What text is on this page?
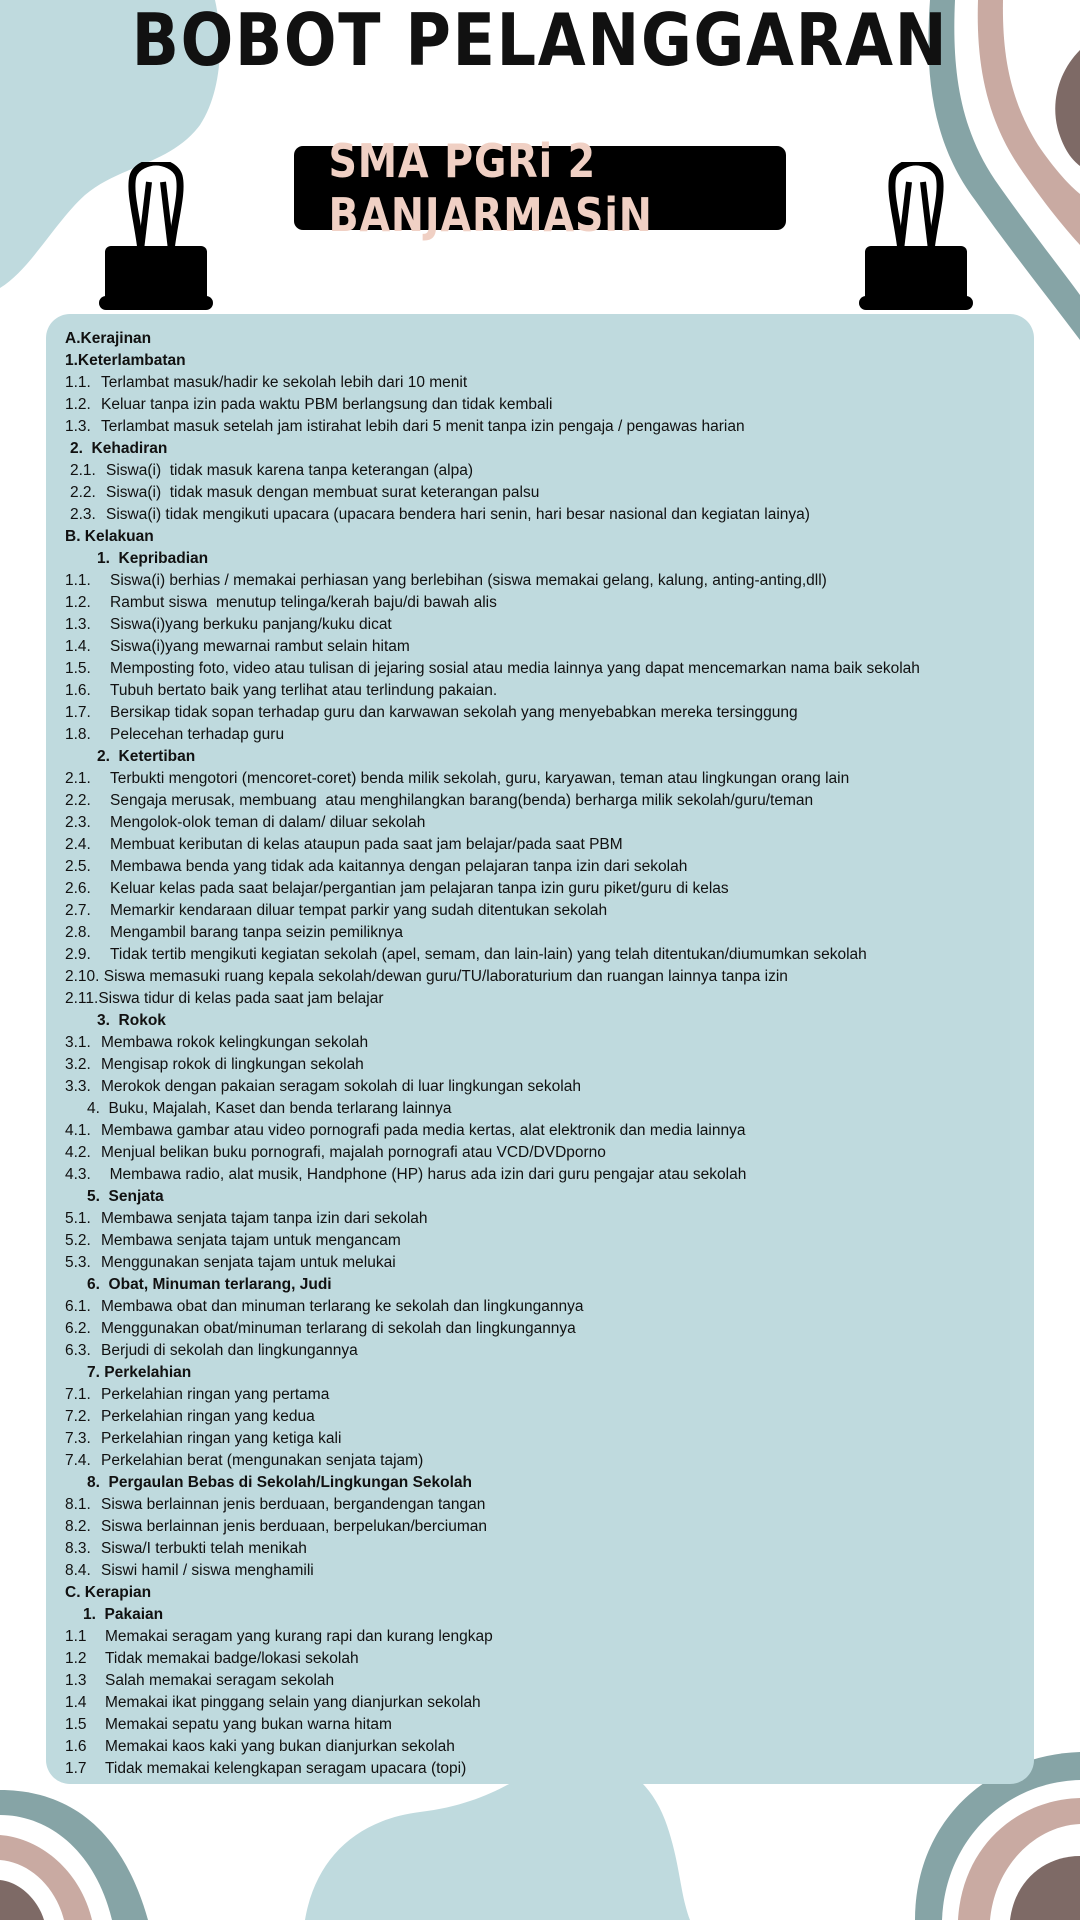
BOBOT PELANGGARAN
SMA PGRi 2 BANJARMASiN
A.Kerajinan
1.Keterlambatan
1.1. Terlambat masuk/hadir ke sekolah lebih dari 10 menit
1.2. Keluar tanpa izin pada waktu PBM berlangsung dan tidak kembali
1.3. Terlambat masuk setelah jam istirahat lebih dari 5 menit tanpa izin pengaja / pengawas harian
2.  Kehadiran
2.1. Siswa(i)  tidak masuk karena tanpa keterangan (alpa)
2.2. Siswa(i)  tidak masuk dengan membuat surat keterangan palsu
2.3. Siswa(i) tidak mengikuti upacara (upacara bendera hari senin, hari besar nasional dan kegiatan lainya)
B. Kelakuan
1.  Kepribadian
1.1. Siswa(i) berhias / memakai perhiasan yang berlebihan (siswa memakai gelang, kalung, anting-anting,dll)
1.2. Rambut siswa  menutup telinga/kerah baju/di bawah alis
1.3. Siswa(i)yang berkuku panjang/kuku dicat
1.4. Siswa(i)yang mewarnai rambut selain hitam
1.5. Memposting foto, video atau tulisan di jejaring sosial atau media lainnya yang dapat mencemarkan nama baik sekolah
1.6. Tubuh bertato baik yang terlihat atau terlindung pakaian.
1.7. Bersikap tidak sopan terhadap guru dan karwawan sekolah yang menyebabkan mereka tersinggung
1.8. Pelecehan terhadap guru
2.  Ketertiban
2.1. Terbukti mengotori (mencoret-coret) benda milik sekolah, guru, karyawan, teman atau lingkungan orang lain
2.2. Sengaja merusak, membuang  atau menghilangkan barang(benda) berharga milik sekolah/guru/teman
2.3. Mengolok-olok teman di dalam/ diluar sekolah
2.4. Membuat keributan di kelas ataupun pada saat jam belajar/pada saat PBM
2.5. Membawa benda yang tidak ada kaitannya dengan pelajaran tanpa izin dari sekolah
2.6. Keluar kelas pada saat belajar/pergantian jam pelajaran tanpa izin guru piket/guru di kelas
2.7. Memarkir kendaraan diluar tempat parkir yang sudah ditentukan sekolah
2.8. Mengambil barang tanpa seizin pemiliknya
2.9. Tidak tertib mengikuti kegiatan sekolah (apel, semam, dan lain-lain) yang telah ditentukan/diumumkan sekolah
2.10. Siswa memasuki ruang kepala sekolah/dewan guru/TU/laboraturium dan ruangan lainnya tanpa izin
2.11.Siswa tidur di kelas pada saat jam belajar
3.  Rokok
3.1. Membawa rokok kelingkungan sekolah
3.2. Mengisap rokok di lingkungan sekolah
3.3. Merokok dengan pakaian seragam sokolah di luar lingkungan sekolah
4.  Buku, Majalah, Kaset dan benda terlarang lainnya
4.1. Membawa gambar atau video pornografi pada media kertas, alat elektronik dan media lainnya
4.2. Menjual belikan buku pornografi, majalah pornografi atau VCD/DVDporno
4.3.  Membawa radio, alat musik, Handphone (HP) harus ada izin dari guru pengajar atau sekolah
5.  Senjata
5.1. Membawa senjata tajam tanpa izin dari sekolah
5.2. Membawa senjata tajam untuk mengancam
5.3. Menggunakan senjata tajam untuk melukai
6.  Obat, Minuman terlarang, Judi
6.1. Membawa obat dan minuman terlarang ke sekolah dan lingkungannya
6.2. Menggunakan obat/minuman terlarang di sekolah dan lingkungannya
6.3. Berjudi di sekolah dan lingkungannya
7. Perkelahian
7.1. Perkelahian ringan yang pertama
7.2. Perkelahian ringan yang kedua
7.3. Perkelahian ringan yang ketiga kali
7.4. Perkelahian berat (mengunakan senjata tajam)
8.  Pergaulan Bebas di Sekolah/Lingkungan Sekolah
8.1. Siswa berlainnan jenis berduaan, bergandengan tangan
8.2. Siswa berlainnan jenis berduaan, berpelukan/berciuman
8.3. Siswa/I terbukti telah menikah
8.4. Siswi hamil / siswa menghamili
C. Kerapian
1.  Pakaian
1.1 Memakai seragam yang kurang rapi dan kurang lengkap
1.2 Tidak memakai badge/lokasi sekolah
1.3 Salah memakai seragam sekolah
1.4 Memakai ikat pinggang selain yang dianjurkan sekolah
1.5 Memakai sepatu yang bukan warna hitam
1.6 Memakai kaos kaki yang bukan dianjurkan sekolah
1.7 Tidak memakai kelengkapan seragam upacara (topi)
